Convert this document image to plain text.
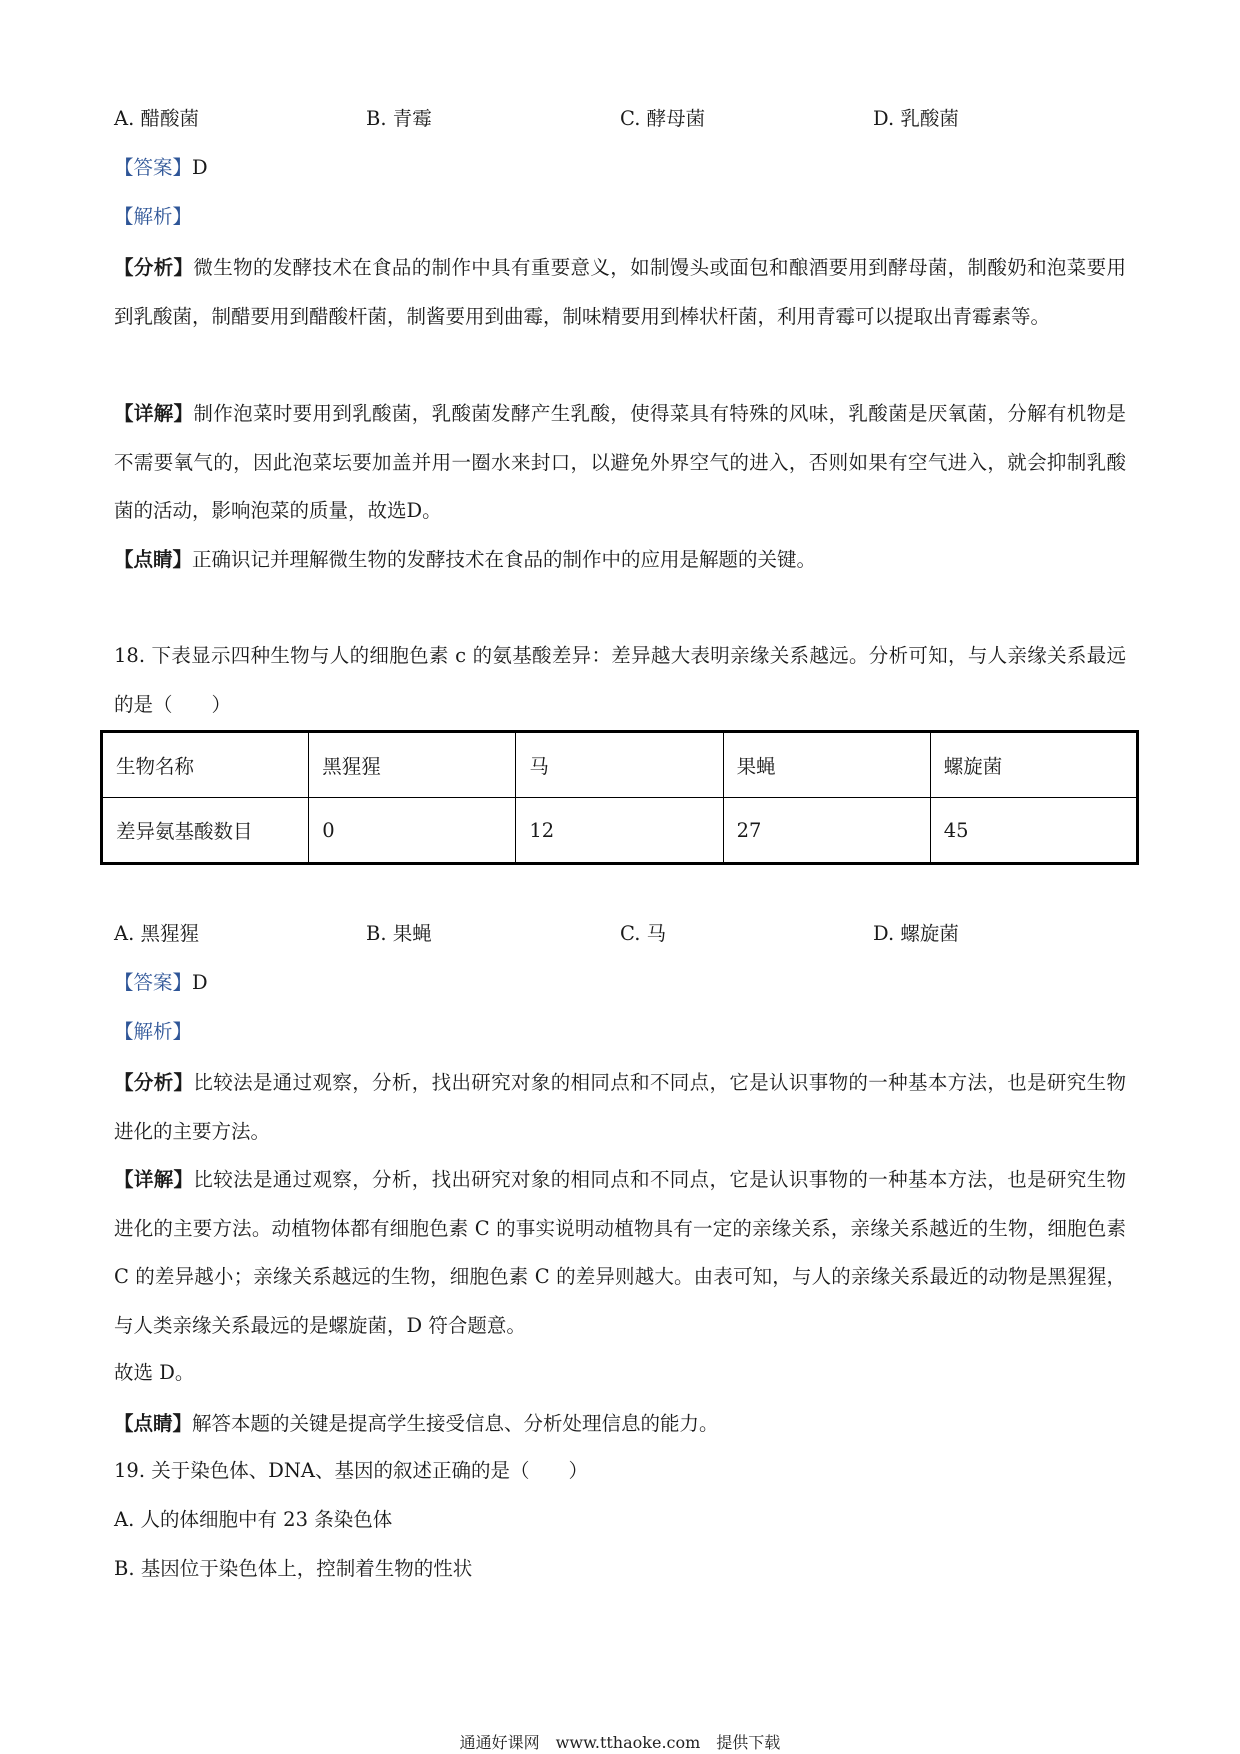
A. 醋酸菌	B. 青霉	C. 酵母菌	D. 乳酸菌
【答案】D
【解析】
【分析】微生物的发酵技术在食品的制作中具有重要意义，如制馒头或面包和酿酒要用到酵母菌，制酸奶和泡菜要用到乳酸菌，制醋要用到醋酸杆菌，制酱要用到曲霉，制味精要用到棒状杆菌，利用青霉可以提取出青霉素等。
【详解】制作泡菜时要用到乳酸菌，乳酸菌发酵产生乳酸，使得菜具有特殊的风味，乳酸菌是厌氧菌，分解有机物是不需要氧气的，因此泡菜坛要加盖并用一圈水来封口，以避免外界空气的进入，否则如果有空气进入，就会抑制乳酸菌的活动，影响泡菜的质量，故选D。
【点睛】正确识记并理解微生物的发酵技术在食品的制作中的应用是解题的关键。
18. 下表显示四种生物与人的细胞色素 c 的氨基酸差异：差异越大表明亲缘关系越远。分析可知，与人亲缘关系最远的是（　　）
生物名称	黑猩猩	马	果蝇	螺旋菌
差异氨基酸数目	0	12	27	45
A. 黑猩猩	B. 果蝇	C. 马	D. 螺旋菌
【答案】D
【解析】
【分析】比较法是通过观察，分析，找出研究对象的相同点和不同点，它是认识事物的一种基本方法，也是研究生物进化的主要方法。
【详解】比较法是通过观察，分析，找出研究对象的相同点和不同点，它是认识事物的一种基本方法，也是研究生物进化的主要方法。动植物体都有细胞色素 C 的事实说明动植物具有一定的亲缘关系，亲缘关系越近的生物，细胞色素 C 的差异越小；亲缘关系越远的生物，细胞色素 C 的差异则越大。由表可知，与人的亲缘关系最近的动物是黑猩猩，与人类亲缘关系最远的是螺旋菌，D 符合题意。
故选 D。
【点睛】解答本题的关键是提高学生接受信息、分析处理信息的能力。
19. 关于染色体、DNA、基因的叙述正确的是（　　）
A. 人的体细胞中有 23 条染色体
B. 基因位于染色体上，控制着生物的性状
通通好课网　www.tthaoke.com　提供下载
